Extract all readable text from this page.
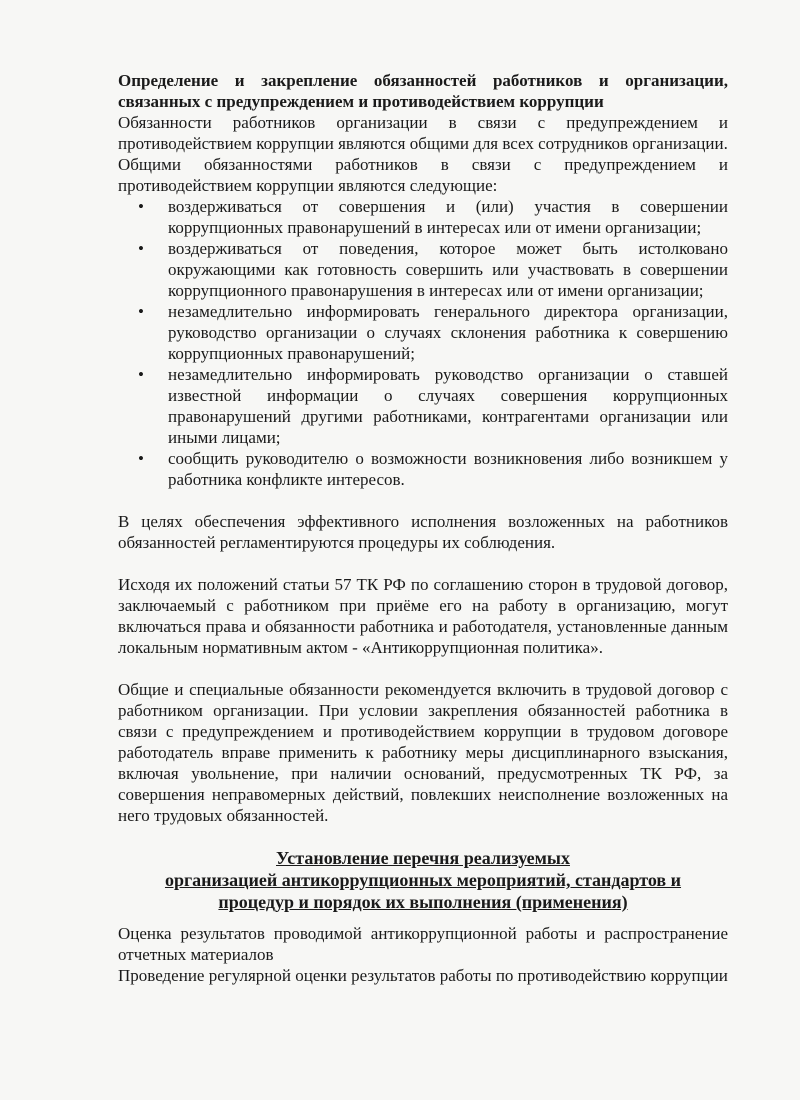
Определение и закрепление обязанностей работников и организации, связанных с предупреждением и противодействием коррупции

Обязанности работников организации в связи с предупреждением и противодействием коррупции являются общими для всех сотрудников организации.

Общими обязанностями работников в связи с предупреждением и противодействием коррупции являются следующие:

• воздерживаться от совершения и (или) участия в совершении коррупционных правонарушений в интересах или от имени организации;
• воздерживаться от поведения, которое может быть истолковано окружающими как готовность совершить или участвовать в совершении коррупционного правонарушения в интересах или от имени организации;
• незамедлительно информировать генерального директора организации, руководство организации о случаях склонения работника к совершению коррупционных правонарушений;
• незамедлительно информировать руководство организации о ставшей известной информации о случаях совершения коррупционных правонарушений другими работниками, контрагентами организации или иными лицами;
• сообщить руководителю о возможности возникновения либо возникшем у работника конфликте интересов.

В целях обеспечения эффективного исполнения возложенных на работников обязанностей регламентируются процедуры их соблюдения.

Исходя их положений статьи 57 ТК РФ по соглашению сторон в трудовой договор, заключаемый с работником при приёме его на работу в организацию, могут включаться права и обязанности работника и работодателя, установленные данным локальным нормативным актом - «Антикоррупционная политика».

Общие и специальные обязанности рекомендуется включить в трудовой договор с работником организации. При условии закрепления обязанностей работника в связи с предупреждением и противодействием коррупции в трудовом договоре работодатель вправе применить к работнику меры дисциплинарного взыскания, включая увольнение, при наличии оснований, предусмотренных ТК РФ, за совершения неправомерных действий, повлекших неисполнение возложенных на него трудовых обязанностей.

Установление перечня реализуемых
организацией антикоррупционных мероприятий, стандартов и
процедур и порядок их выполнения (применения)

Оценка результатов проводимой антикоррупционной работы и распространение отчетных материалов

Проведение регулярной оценки результатов работы по противодействию коррупции
